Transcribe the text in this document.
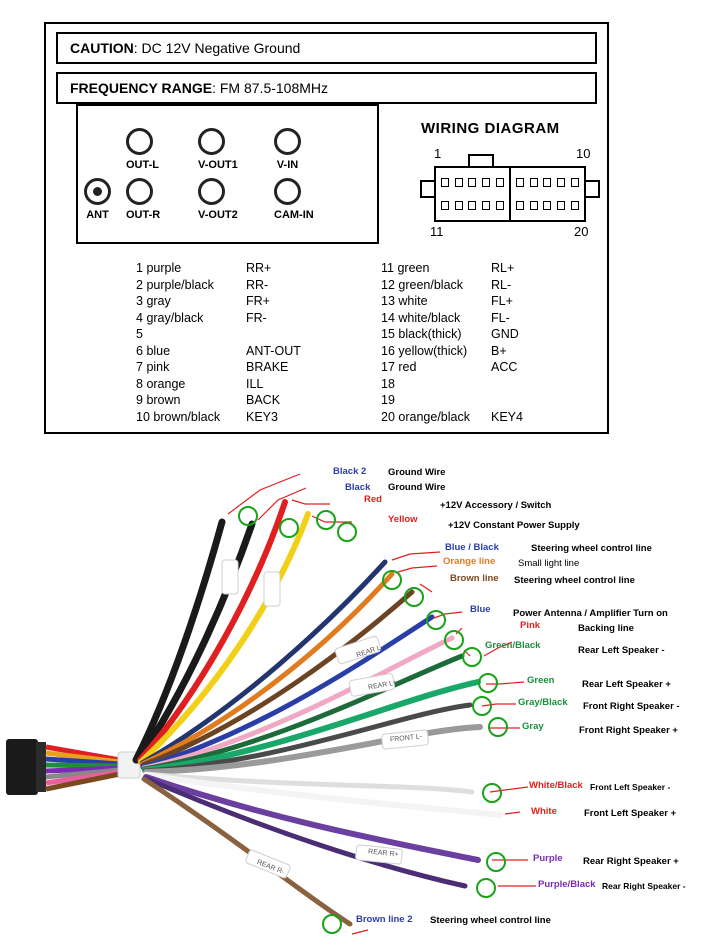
CAUTION : DC 12V Negative Ground
FREQUENCY RANGE : FM 87.5-108MHz
OUT-L	V-OUT1	V-IN
ANT OUT-R	V-OUT2	CAM-IN
WIRING DIAGRAM
1	10
11	20
1 purple	RR+
2 purple/black	RR-
3 gray	FR+
4 gray/black	FR-
5
6 blue	ANT-OUT
7 pink	BRAKE
8 orange	ILL
9 brown	BACK
10 brown/black	KEY3
11 green	RL+
12 green/black	RL-
13 white	FL+
14 white/black	FL-
15 black(thick)	GND
16 yellow(thick)	B+
17 red	ACC
18
19
20 orange/black	KEY4
Black 2 Ground Wire
Black Ground Wire
Red
+12V Accessory / Switch
Yellow
+12V Constant Power Supply
Blue / Black	Steering wheel control line
Orange line Small light line
Brown line Steering wheel control line
Blue Power Antenna / Amplifier Turn on
Pink	Backing line
Green/Black	Rear Left Speaker -
Green	Rear Left Speaker +
Gray/Black Front Right Speaker -
Gray	Front Right Speaker +
White/Black Front Left Speaker -
White	Front Left Speaker +
Purple Rear Right Speaker +
Purple/Black Rear Right Speaker -
Brown line 2 Steering wheel control line
REAR L-
REAR L+
FRONT L-
REAR R+
REAR R-
